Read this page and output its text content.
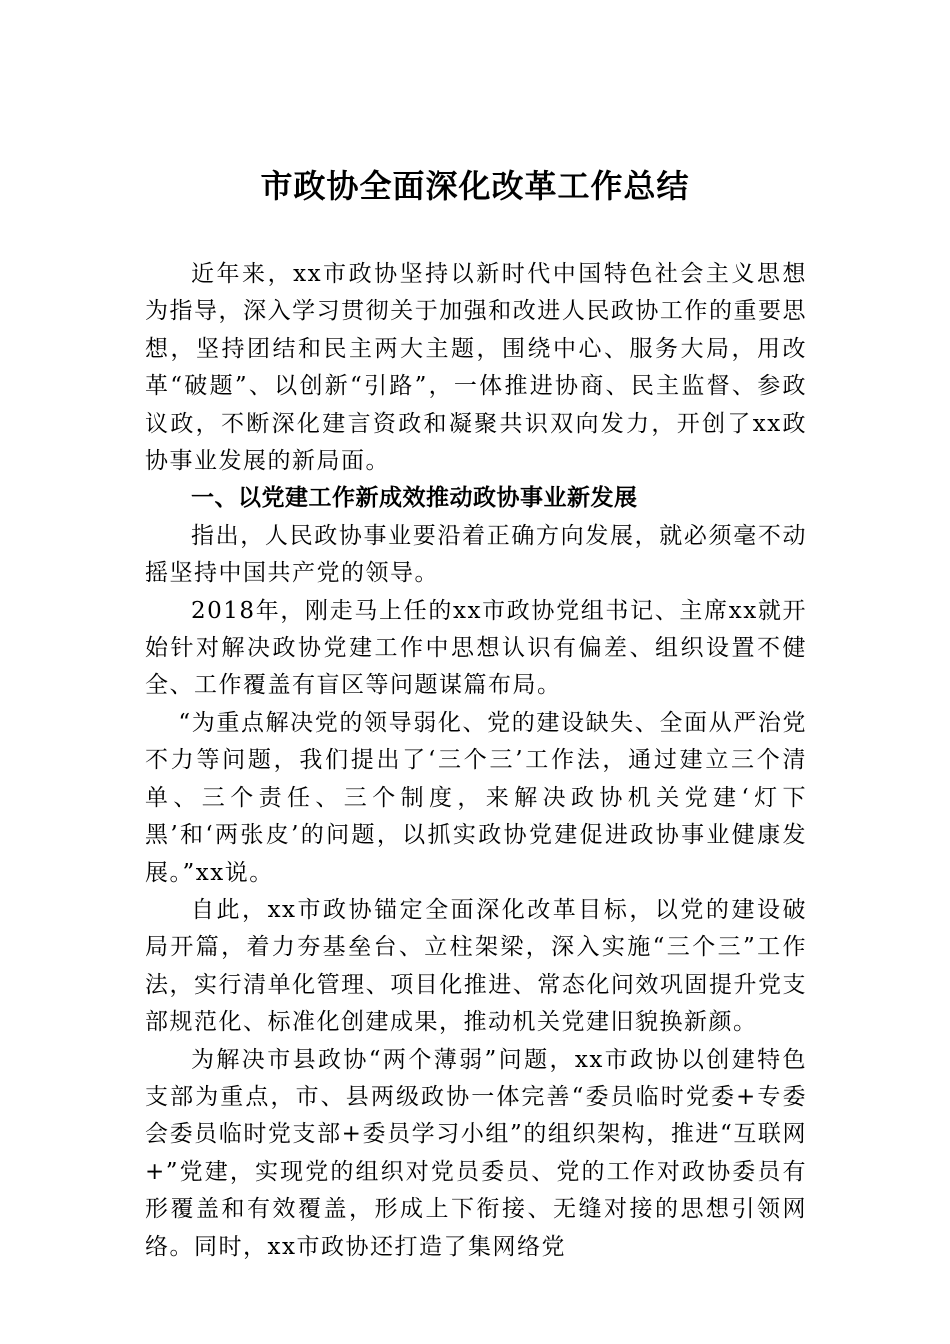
市政协全面深化改革工作总结

近年来，xx市政协坚持以新时代中国特色社会主义思想为指导，深入学习贯彻关于加强和改进人民政协工作的重要思想，坚持团结和民主两大主题，围绕中心、服务大局，用改革“破题”、以创新“引路”，一体推进协商、民主监督、参政议政，不断深化建言资政和凝聚共识双向发力，开创了xx政协事业发展的新局面。

一、以党建工作新成效推动政协事业新发展

指出，人民政协事业要沿着正确方向发展，就必须毫不动摇坚持中国共产党的领导。

2018年，刚走马上任的xx市政协党组书记、主席xx就开始针对解决政协党建工作中思想认识有偏差、组织设置不健全、工作覆盖有盲区等问题谋篇布局。

“为重点解决党的领导弱化、党的建设缺失、全面从严治党不力等问题，我们提出了‘三个三’工作法，通过建立三个清单、三个责任、三个制度，来解决政协机关党建‘灯下黑’和‘两张皮’的问题，以抓实政协党建促进政协事业健康发展。”xx说。

自此，xx市政协锚定全面深化改革目标，以党的建设破局开篇，着力夯基垒台、立柱架梁，深入实施“三个三”工作法，实行清单化管理、项目化推进、常态化问效巩固提升党支部规范化、标准化创建成果，推动机关党建旧貌换新颜。

为解决市县政协“两个薄弱”问题，xx市政协以创建特色支部为重点，市、县两级政协一体完善“委员临时党委+专委会委员临时党支部+委员学习小组”的组织架构，推进“互联网+”党建，实现党的组织对党员委员、党的工作对政协委员有形覆盖和有效覆盖，形成上下衔接、无缝对接的思想引领网络。同时，xx市政协还打造了集网络党
